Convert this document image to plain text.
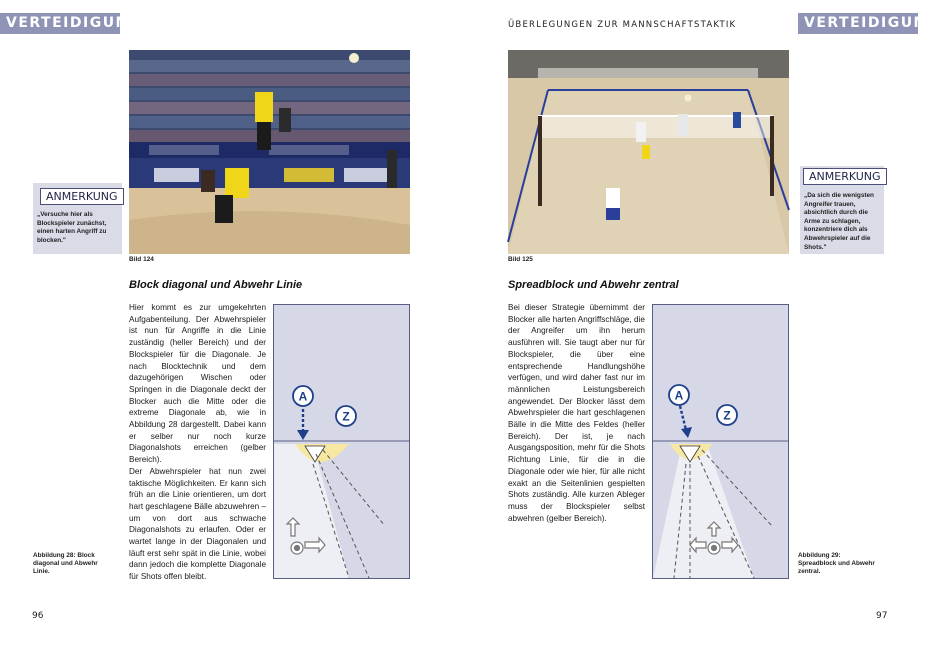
VERTEIDIGUNG
Bild 124
ANMERKUNG
„Versuche hier als Blockspieler zunächst, einen harten Angriff zu blocken."
Block diagonal und Abwehr Linie
Hier kommt es zur umgekehrten Aufgabenteilung. Der Abwehrspieler ist nun für Angriffe in die Linie zuständig (heller Bereich) und der Blockspieler für die Diagonale. Je nach Blocktechnik und dem dazugehörigen Wischen oder Springen in die Diagonale deckt der Blocker auch die Mitte oder die extreme Diagonale ab, wie in Abbildung 28 dargestellt. Dabei kann er selber nur noch kurze Diagonalshots erreichen (gelber Bereich).
Der Abwehrspieler hat nun zwei taktische Möglichkeiten. Er kann sich früh an die Linie orientieren, um dort hart geschlagene Bälle abzuwehren – um von dort aus schwache Diagonalshots zu erlaufen. Oder er wartet lange in der Diagonalen und läuft erst sehr spät in die Linie, wobei dann jedoch die komplette Diagonale für Shots offen bleibt.
A
Z
Abbildung 28: Block diagonal und Abwehr Linie.
96
ÜBERLEGUNGEN ZUR MANNSCHAFTSTAKTIK	VERTEIDIGUNG
Bild 125
ANMERKUNG
„Da sich die wenigsten Angreifer trauen, absichtlich durch die Arme zu schlagen, konzentriere dich als Abwehrspieler auf die Shots."
Spreadblock und Abwehr zentral
Bei dieser Strategie übernimmt der Blocker alle harten Angriffschläge, die der Angreifer um ihn herum ausführen will. Sie taugt aber nur für Blockspieler, die über eine entsprechende Handlungshöhe verfügen, und wird daher fast nur im männlichen Leistungsbereich angewendet. Der Blocker lässt dem Abwehrspieler die hart geschlagenen Bälle in die Mitte des Feldes (heller Bereich). Der ist, je nach Ausgangsposition, mehr für die Shots Richtung Linie, für die in die Diagonale oder wie hier, für alle nicht exakt an die Seitenlinien gespielten Shots zuständig. Alle kurzen Ableger muss der Blockspieler selbst abwehren (gelber Bereich).
A
Z
Abbildung 29: Spreadblock und Abwehr zentral.
97
